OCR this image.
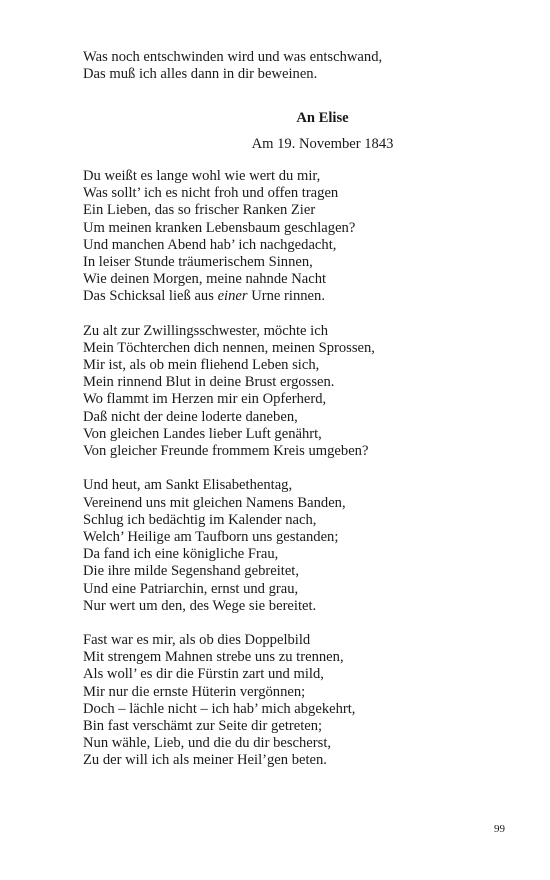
Was noch entschwinden wird und was entschwand,
Das muß ich alles dann in dir beweinen.
An Elise
Am 19. November 1843
Du weißt es lange wohl wie wert du mir,
Was sollt’ ich es nicht froh und offen tragen
Ein Lieben, das so frischer Ranken Zier
Um meinen kranken Lebensbaum geschlagen?
Und manchen Abend hab’ ich nachgedacht,
In leiser Stunde träumerischem Sinnen,
Wie deinen Morgen, meine nahnde Nacht
Das Schicksal ließ aus einer Urne rinnen.
Zu alt zur Zwillingsschwester, möchte ich
Mein Töchterchen dich nennen, meinen Sprossen,
Mir ist, als ob mein fliehend Leben sich,
Mein rinnend Blut in deine Brust ergossen.
Wo flammt im Herzen mir ein Opferherd,
Daß nicht der deine loderte daneben,
Von gleichen Landes lieber Luft genährt,
Von gleicher Freunde frommem Kreis umgeben?
Und heut, am Sankt Elisabethentag,
Vereinend uns mit gleichen Namens Banden,
Schlug ich bedächtig im Kalender nach,
Welch’ Heilige am Taufborn uns gestanden;
Da fand ich eine königliche Frau,
Die ihre milde Segenshand gebreitet,
Und eine Patriarchin, ernst und grau,
Nur wert um den, des Wege sie bereitet.
Fast war es mir, als ob dies Doppelbild
Mit strengem Mahnen strebe uns zu trennen,
Als woll’ es dir die Fürstin zart und mild,
Mir nur die ernste Hüterin vergönnen;
Doch – lächle nicht – ich hab’ mich abgekehrt,
Bin fast verschämt zur Seite dir getreten;
Nun wähle, Lieb, und die du dir bescherst,
Zu der will ich als meiner Heil’gen beten.
99
